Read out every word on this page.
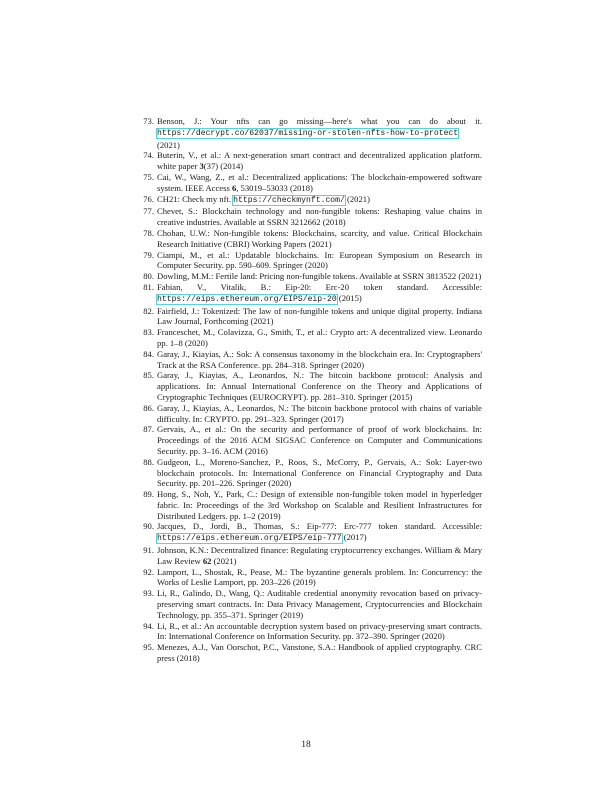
73. Benson, J.: Your nfts can go missing—here's what you can do about it. https://decrypt.co/62037/missing-or-stolen-nfts-how-to-protect (2021)
74. Buterin, V., et al.: A next-generation smart contract and decentralized application platform. white paper 3(37) (2014)
75. Cai, W., Wang, Z., et al.: Decentralized applications: The blockchain-empowered software system. IEEE Access 6, 53019–53033 (2018)
76. CH21: Check my nft. https://checkmynft.com/ (2021)
77. Chevet, S.: Blockchain technology and non-fungible tokens: Reshaping value chains in creative industries. Available at SSRN 3212662 (2018)
78. Chohan, U.W.: Non-fungible tokens: Blockchains, scarcity, and value. Critical Blockchain Research Initiative (CBRI) Working Papers (2021)
79. Ciampi, M., et al.: Updatable blockchains. In: European Symposium on Research in Computer Security. pp. 590–609. Springer (2020)
80. Dowling, M.M.: Fertile land: Pricing non-fungible tokens. Available at SSRN 3813522 (2021)
81. Fabian, V., Vitalik, B.: Eip-20: Erc-20 token standard. Accessible: https://eips.ethereum.org/EIPS/eip-20 (2015)
82. Fairfield, J.: Tokenized: The law of non-fungible tokens and unique digital property. Indiana Law Journal, Forthcoming (2021)
83. Franceschet, M., Colavizza, G., Smith, T., et al.: Crypto art: A decentralized view. Leonardo pp. 1–8 (2020)
84. Garay, J., Kiayias, A.: Sok: A consensus taxonomy in the blockchain era. In: Cryptographers' Track at the RSA Conference. pp. 284–318. Springer (2020)
85. Garay, J., Kiayias, A., Leonardos, N.: The bitcoin backbone protocol: Analysis and applications. In: Annual International Conference on the Theory and Applications of Cryptographic Techniques (EUROCRYPT). pp. 281–310. Springer (2015)
86. Garay, J., Kiayias, A., Leonardos, N.: The bitcoin backbone protocol with chains of variable difficulty. In: CRYPTO. pp. 291–323. Springer (2017)
87. Gervais, A., et al.: On the security and performance of proof of work blockchains. In: Proceedings of the 2016 ACM SIGSAC Conference on Computer and Communications Security. pp. 3–16. ACM (2016)
88. Gudgeon, L., Moreno-Sanchez, P., Roos, S., McCorry, P., Gervais, A.: Sok: Layer-two blockchain protocols. In: International Conference on Financial Cryptography and Data Security. pp. 201–226. Springer (2020)
89. Hong, S., Noh, Y., Park, C.: Design of extensible non-fungible token model in hyperledger fabric. In: Proceedings of the 3rd Workshop on Scalable and Resilient Infrastructures for Distributed Ledgers. pp. 1–2 (2019)
90. Jacques, D., Jordi, B., Thomas, S.: Eip-777: Erc-777 token standard. Accessible: https://eips.ethereum.org/EIPS/eip-777 (2017)
91. Johnson, K.N.: Decentralized finance: Regulating cryptocurrency exchanges. William & Mary Law Review 62 (2021)
92. Lamport, L., Shostak, R., Pease, M.: The byzantine generals problem. In: Concurrency: the Works of Leslie Lamport, pp. 203–226 (2019)
93. Li, R., Galindo, D., Wang, Q.: Auditable credential anonymity revocation based on privacy-preserving smart contracts. In: Data Privacy Management, Cryptocurrencies and Blockchain Technology, pp. 355–371. Springer (2019)
94. Li, R., et al.: An accountable decryption system based on privacy-preserving smart contracts. In: International Conference on Information Security. pp. 372–390. Springer (2020)
95. Menezes, A.J., Van Oorschot, P.C., Vanstone, S.A.: Handbook of applied cryptography. CRC press (2018)
18
